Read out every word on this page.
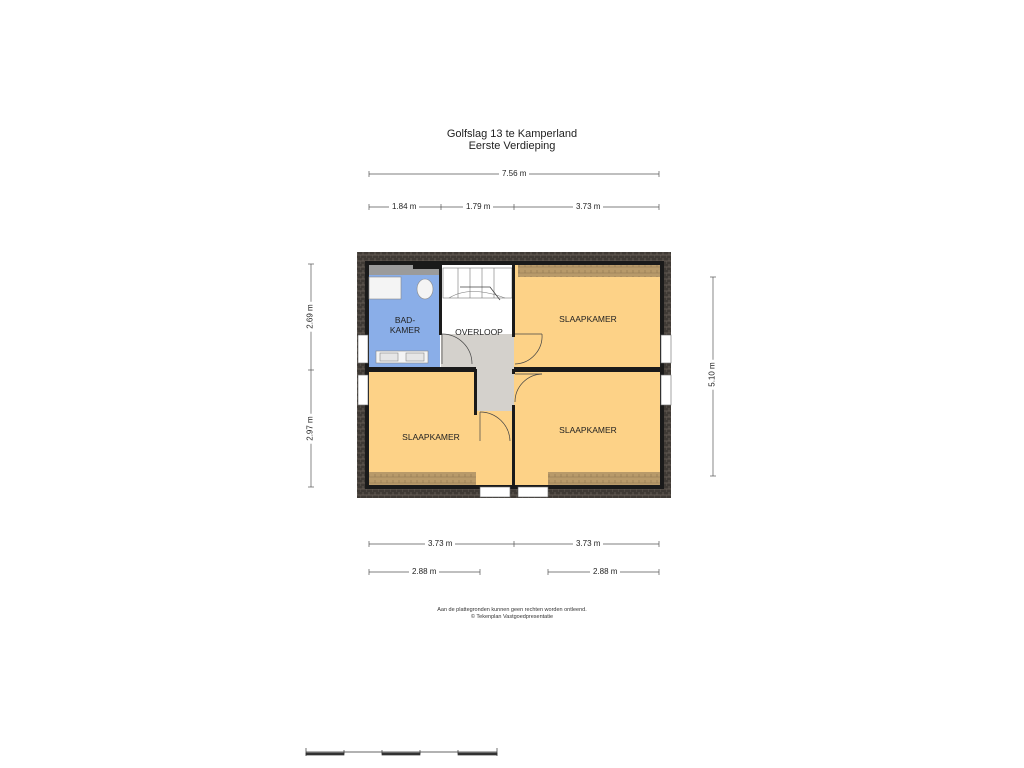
Golfslag 13 te Kamperland
Eerste Verdieping
7.56 m
1.84 m	1.79 m	3.73 m
3.73 m	3.73 m
2.88 m	2.88 m
2.69 m
2.97 m
5.10 m
BAD-
KAMER	OVERLOOP
SLAAPKAMER
SLAAPKAMER
SLAAPKAMER
Aan de plattegronden kunnen geen rechten worden ontleend.
© Tekenplan Vastgoedpresentatie
